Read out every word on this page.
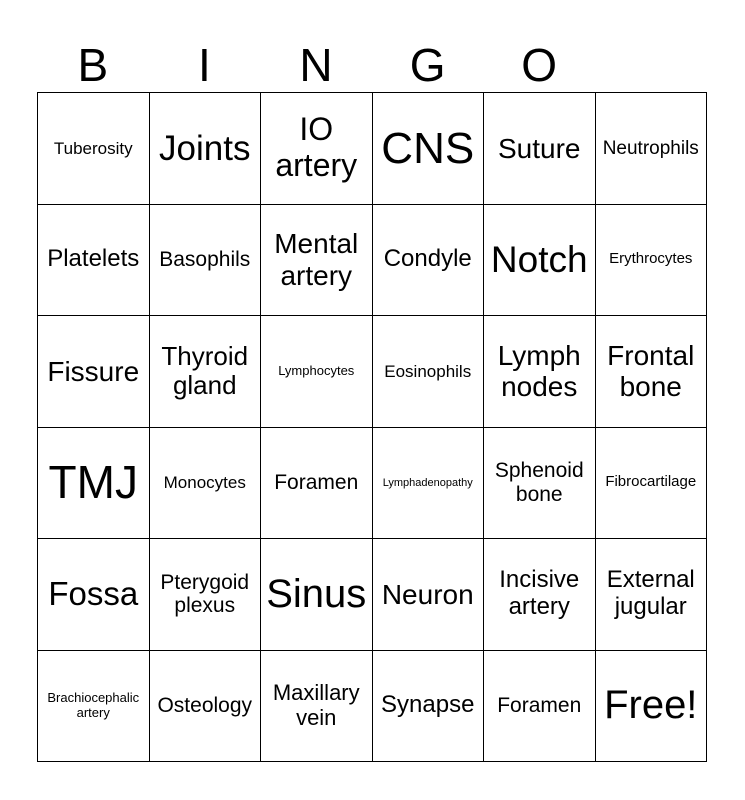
B	I	N	G	O
Tuberosity Joints	IO artery CNS Suture Neutrophils
Platelets Basophils
Mental artery
Condyle Notch Erythrocytes
Fissure Thyroid gland	Lymphocytes Eosinophils
Lymph nodes
Frontal bone
TMJ Monocytes Foramen Lymphadenopathy
Sphenoid bone
Fibrocartilage
Fossa	Pterygoid plexus Sinus Neuron	Incisive artery
External jugular
Brachiocephalic artery	Osteology
Maxillary vein	Synapse Foramen Free!
